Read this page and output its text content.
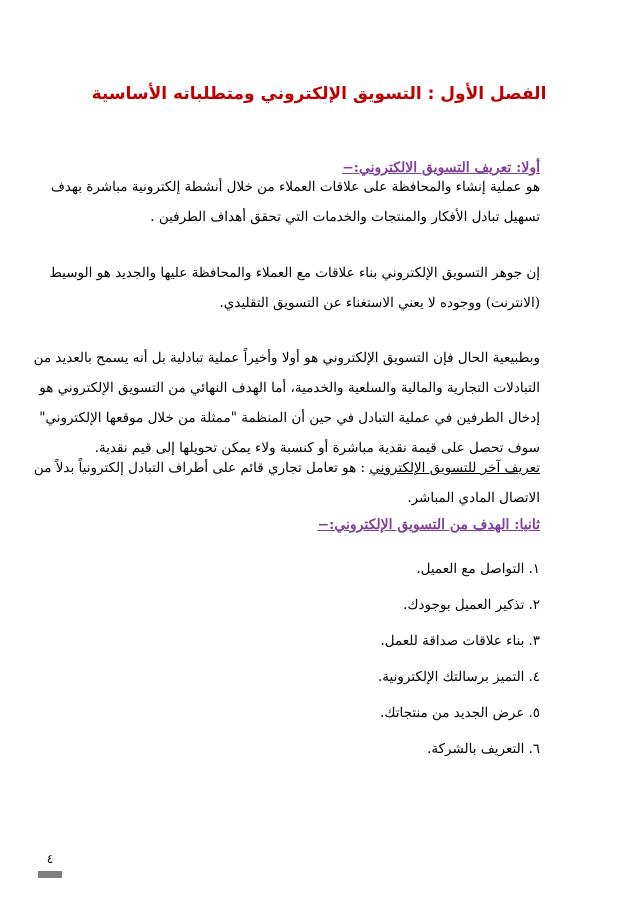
الفصل الأول : التسويق الإلكتروني ومتطلباته الأساسية
أولا: تعريف التسويق الالكتروني:−
هو عملية إنشاء والمحافظة على علاقات العملاء من خلال أنشطة إلكترونية مباشرة بهدف
تسهيل تبادل الأفكار والمنتجات والخدمات التي تحقق أهداف الطرفين .
إن جوهر التسويق الإلكتروني بناء علاقات مع العملاء والمحافظة عليها والجديد هو الوسيط
(الانترنت) ووجوده لا يعني الاستغناء عن التسويق التقليدي.
وبطبيعية الحال فإن التسويق الإلكتروني هو أولا وأخيراً عملية تبادلية بل أنه يسمح بالعديد من
التبادلات التجارية والمالية والسلعية والخدمية، أما الهدف النهائي من التسويق الإلكتروني هو
إدخال الطرفين في عملية التبادل في حين أن المنظمة "ممثلة من خلال موقعها الإلكتروني"
سوف تحصل على قيمة نقدية مباشرة أو كنسبة ولاء يمكن تحويلها إلى قيم نقدية.
تعريف آخر للتسويق الإلكتروني : هو تعامل تجاري قائم على أطراف التبادل إلكترونياً بدلاً من
الاتصال المادي المباشر.
ثانيا: الهدف من التسويق الإلكتروني:−
١.التواصل مع العميل.
٢.تذكير العميل بوجودك.
٣.بناء علاقات صداقة للعمل.
٤.التميز برسالتك الإلكترونية.
٥.عرض الجديد من منتجاتك.
٦.التعريف بالشركة.
٤
